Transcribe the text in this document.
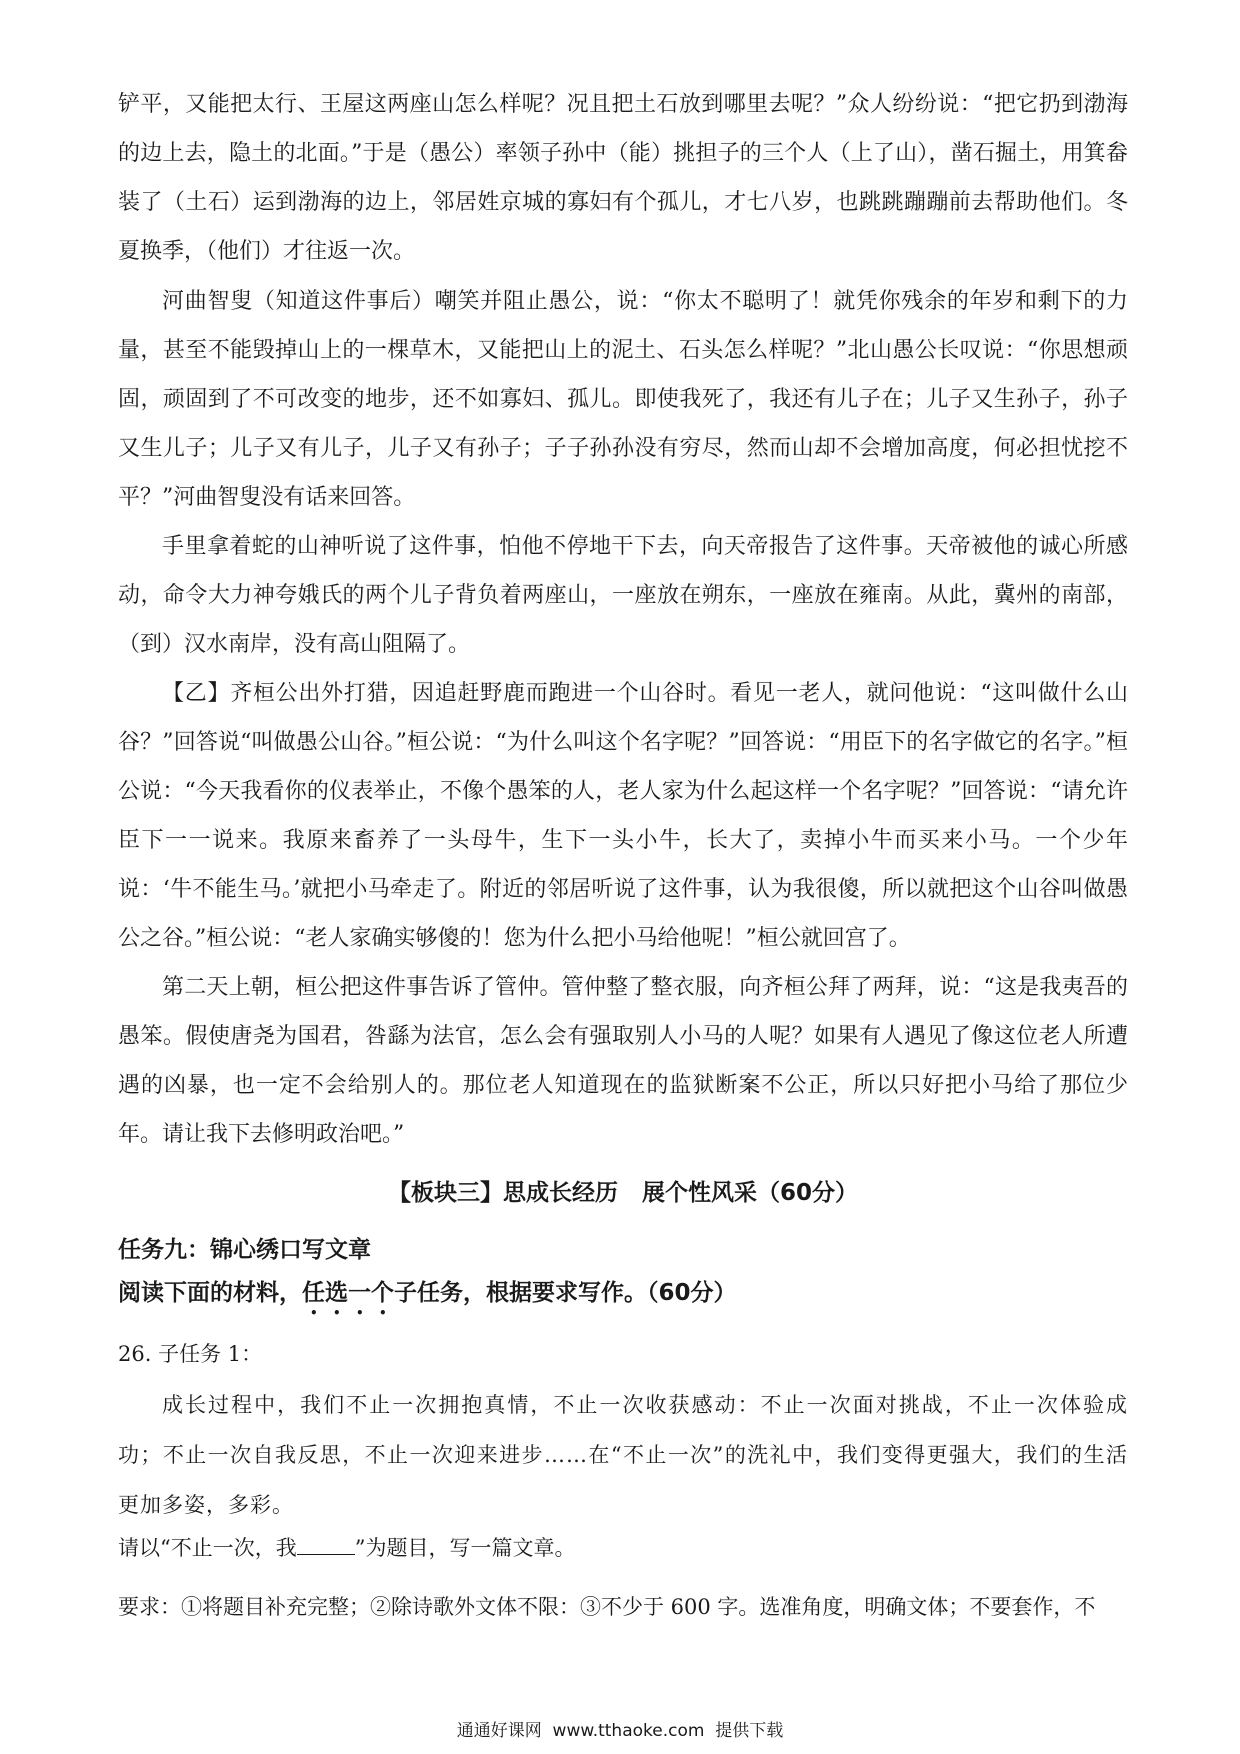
铲平，又能把太行、王屋这两座山怎么样呢？况且把土石放到哪里去呢？”众人纷纷说：“把它扔到渤海的边上去，隐土的北面。”于是（愚公）率领子孙中（能）挑担子的三个人（上了山），凿石掘土，用箕畚装了（土石）运到渤海的边上，邻居姓京城的寡妇有个孤儿，才七八岁，也跳跳蹦蹦前去帮助他们。冬夏换季，（他们）才往返一次。

河曲智叟（知道这件事后）嘲笑并阻止愚公，说：“你太不聪明了！就凭你残余的年岁和剩下的力量，甚至不能毁掉山上的一棵草木，又能把山上的泥土、石头怎么样呢？”北山愚公长叹说：“你思想顽固，顽固到了不可改变的地步，还不如寡妇、孤儿。即使我死了，我还有儿子在；儿子又生孙子，孙子又生儿子；儿子又有儿子，儿子又有孙子；子子孙孙没有穷尽，然而山却不会增加高度，何必担忧挖不平？”河曲智叟没有话来回答。

手里拿着蛇的山神听说了这件事，怕他不停地干下去，向天帝报告了这件事。天帝被他的诚心所感动，命令大力神夸娥氏的两个儿子背负着两座山，一座放在朔东，一座放在雍南。从此，冀州的南部，（到）汉水南岸，没有高山阻隔了。

【乙】齐桓公出外打猎，因追赶野鹿而跑进一个山谷时。看见一老人，就问他说：“这叫做什么山谷？”回答说“叫做愚公山谷。”桓公说：“为什么叫这个名字呢？”回答说：“用臣下的名字做它的名字。”桓公说：“今天我看你的仪表举止，不像个愚笨的人，老人家为什么起这样一个名字呢？”回答说：“请允许臣下一一说来。我原来畜养了一头母牛，生下一头小牛，长大了，卖掉小牛而买来小马。一个少年说：‘牛不能生马。’就把小马牵走了。附近的邻居听说了这件事，认为我很傻，所以就把这个山谷叫做愚公之谷。”桓公说：“老人家确实够傻的！您为什么把小马给他呢！”桓公就回宫了。

第二天上朝，桓公把这件事告诉了管仲。管仲整了整衣服，向齐桓公拜了两拜，说：“这是我夷吾的愚笨。假使唐尧为国君，咎繇为法官，怎么会有强取别人小马的人呢？如果有人遇见了像这位老人所遭遇的凶暴，也一定不会给别人的。那位老人知道现在的监狱断案不公正，所以只好把小马给了那位少年。请让我下去修明政治吧。”

【板块三】思成长经历   展个性风采（60分）
任务九：锦心绣口写文章
阅读下面的材料，任选一个子任务，根据要求写作。（60分）
26. 子任务 1：

成长过程中，我们不止一次拥抱真情，不止一次收获感动：不止一次面对挑战，不止一次体验成功；不止一次自我反思，不止一次迎来进步……在“不止一次”的洗礼中，我们变得更强大，我们的生活更加多姿，多彩。

请以“不止一次，我	”为题目，写一篇文章。
要求：①将题目补充完整；②除诗歌外文体不限：③不少于 600 字。选准角度，明确文体；不要套作，不
通通好课网  www.tthaoke.com  提供下载
